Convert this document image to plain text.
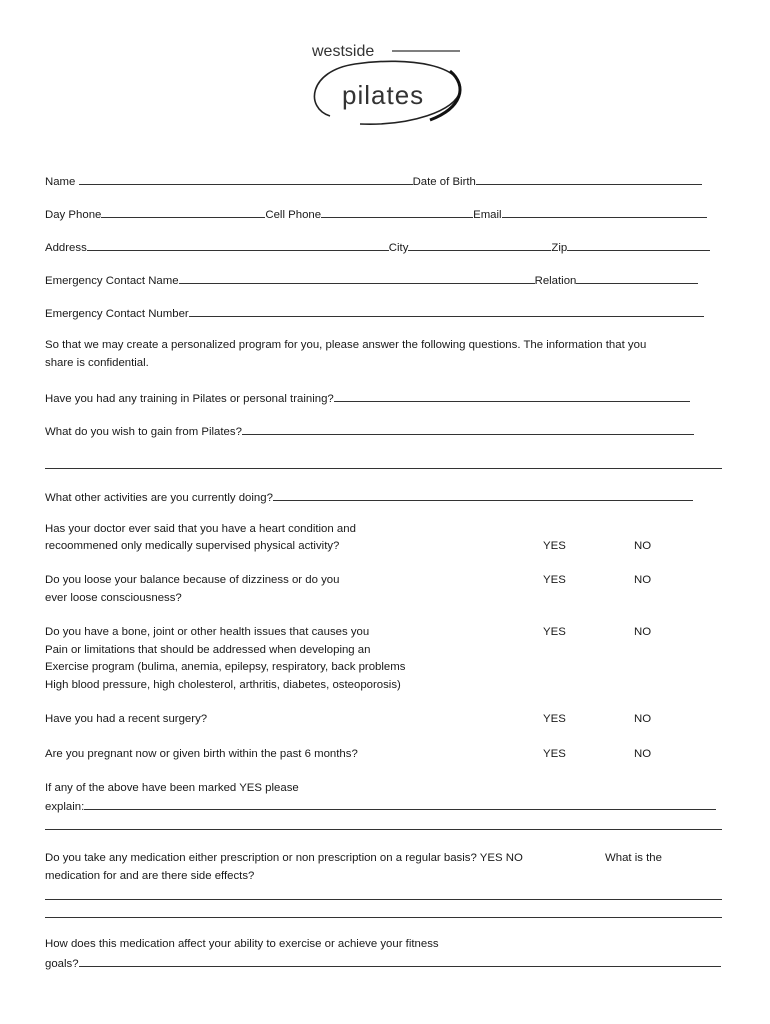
westside
pilates
Name	Date of Birth
Day Phone	Cell Phone	Email
Address	City	Zip
Emergency Contact Name	Relation
Emergency Contact Number
So that we may create a personalized program for you, please answer the following questions. The information that you
share is confidential.
Have you had any training in Pilates or personal training?
What do you wish to gain from Pilates?
What other activities are you currently doing?
Has your doctor ever said that you have a heart condition and
recoommened only medically supervised physical activity?	YES	NO
Do you loose your balance because of dizziness or do you
ever loose consciousness?
YES	NO
Do you have a bone, joint or other health issues that causes you
Pain or limitations that should be addressed when developing an
Exercise program (bulima, anemia, epilepsy, respiratory, back problems
High blood pressure, high cholesterol, arthritis, diabetes, osteoporosis)
YES	NO
Have you had a recent surgery?	YES	NO
Are you pregnant now or given birth within the past 6 months?	YES	NO
If any of the above have been marked YES please
explain:
Do you take any medication either prescription or non prescription on a regular basis? YES NO	What is the
medication for and are there side effects?
How does this medication affect your ability to exercise or achieve your fitness
goals?
